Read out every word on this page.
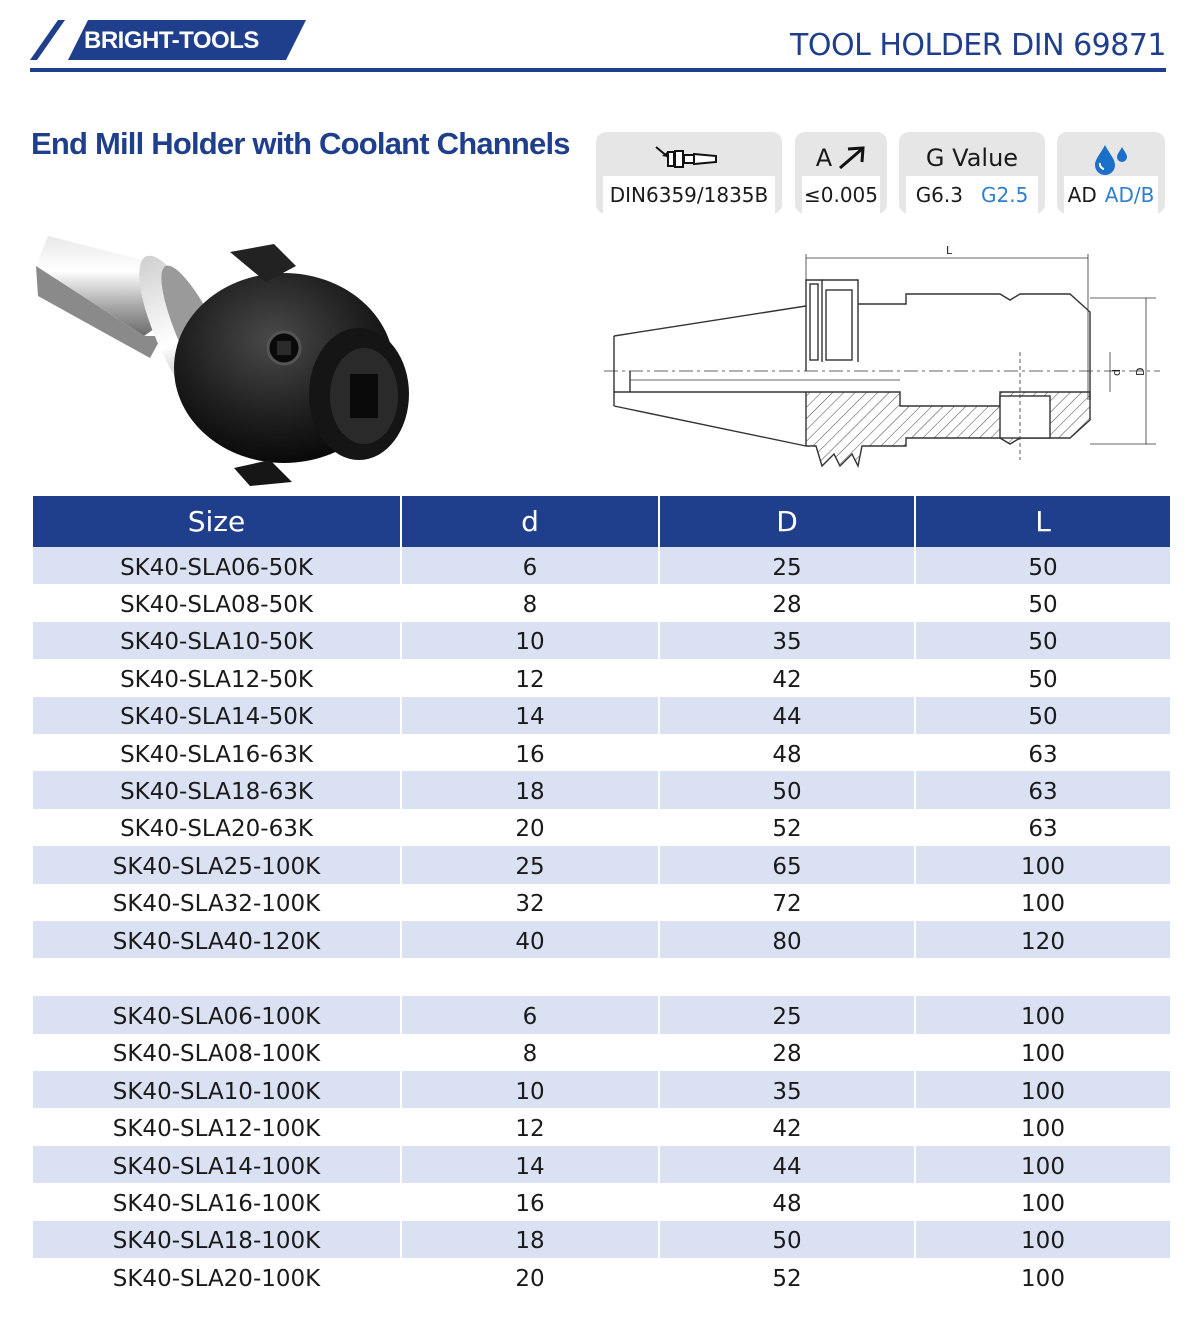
BRIGHT-TOOLS	TOOL HOLDER DIN 69871
End Mill Holder with Coolant Channels
DIN6359/1835B
A
≤0.005
G Value
G6.3 G2.5 AD AD/B
L
d D
Size	d	D	L
SK40-SLA06-50K	6	25	50
SK40-SLA08-50K	8	28	50
SK40-SLA10-50K	10	35	50
SK40-SLA12-50K	12	42	50
SK40-SLA14-50K	14	44	50
SK40-SLA16-63K	16	48	63
SK40-SLA18-63K	18	50	63
SK40-SLA20-63K	20	52	63
SK40-SLA25-100K	25	65	100
SK40-SLA32-100K	32	72	100
SK40-SLA40-120K	40	80	120

SK40-SLA06-100K	6	25	100
SK40-SLA08-100K	8	28	100
SK40-SLA10-100K	10	35	100
SK40-SLA12-100K	12	42	100
SK40-SLA14-100K	14	44	100
SK40-SLA16-100K	16	48	100
SK40-SLA18-100K	18	50	100
SK40-SLA20-100K	20	52	100
